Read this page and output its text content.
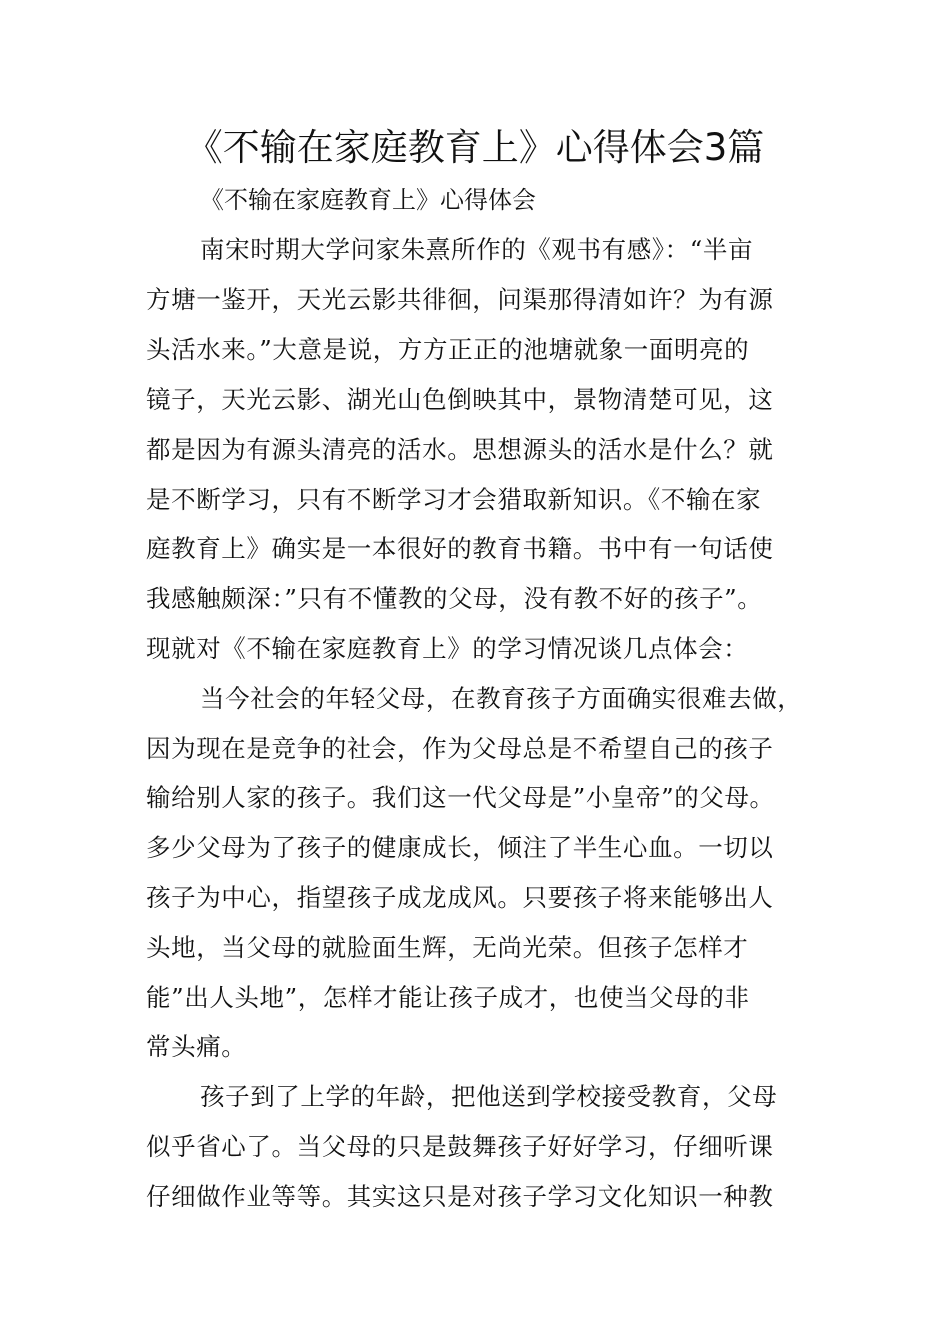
《不输在家庭教育上》心得体会3篇
《不输在家庭教育上》心得体会
南宋时期大学问家朱熹所作的《观书有感》：“半亩
方塘一鉴开，天光云影共徘徊，问渠那得清如许？为有源
头活水来。”大意是说，方方正正的池塘就象一面明亮的
镜子，天光云影、湖光山色倒映其中，景物清楚可见，这
都是因为有源头清亮的活水。思想源头的活水是什么？就
是不断学习，只有不断学习才会猎取新知识。《不输在家
庭教育上》确实是一本很好的教育书籍。书中有一句话使
我感触颇深：”只有不懂教的父母，没有教不好的孩子”。
现就对《不输在家庭教育上》的学习情况谈几点体会：
当今社会的年轻父母，在教育孩子方面确实很难去做，
因为现在是竞争的社会，作为父母总是不希望自己的孩子
输给别人家的孩子。我们这一代父母是”小皇帝”的父母。
多少父母为了孩子的健康成长，倾注了半生心血。一切以
孩子为中心，指望孩子成龙成风。只要孩子将来能够出人
头地，当父母的就脸面生辉，无尚光荣。但孩子怎样才
能”出人头地”，怎样才能让孩子成才，也使当父母的非
常头痛。
孩子到了上学的年龄，把他送到学校接受教育，父母
似乎省心了。当父母的只是鼓舞孩子好好学习，仔细听课
仔细做作业等等。其实这只是对孩子学习文化知识一种教
